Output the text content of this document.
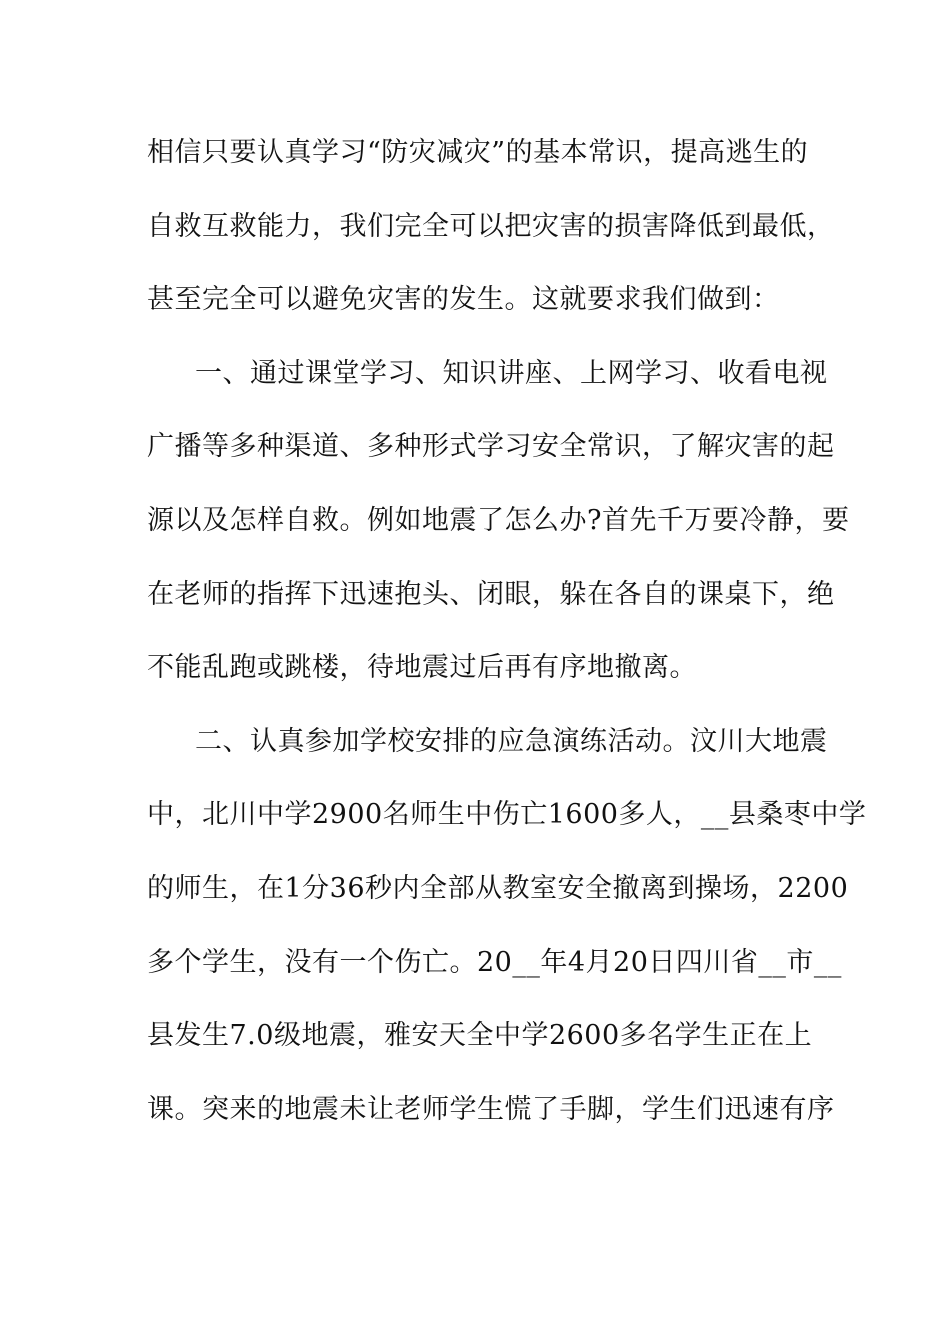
相信只要认真学习“防灾减灾”的基本常识，提高逃生的
自救互救能力，我们完全可以把灾害的损害降低到最低，
甚至完全可以避免灾害的发生。这就要求我们做到：
一、通过课堂学习、知识讲座、上网学习、收看电视
广播等多种渠道、多种形式学习安全常识，了解灾害的起
源以及怎样自救。例如地震了怎么办?首先千万要冷静，要
在老师的指挥下迅速抱头、闭眼，躲在各自的课桌下，绝
不能乱跑或跳楼，待地震过后再有序地撤离。
二、认真参加学校安排的应急演练活动。汶川大地震
中，北川中学2900名师生中伤亡1600多人，__县桑枣中学
的师生，在1分36秒内全部从教室安全撤离到操场，2200
多个学生，没有一个伤亡。20__年4月20日四川省__市__
县发生7.0级地震，雅安天全中学2600多名学生正在上
课。突来的地震未让老师学生慌了手脚，学生们迅速有序
